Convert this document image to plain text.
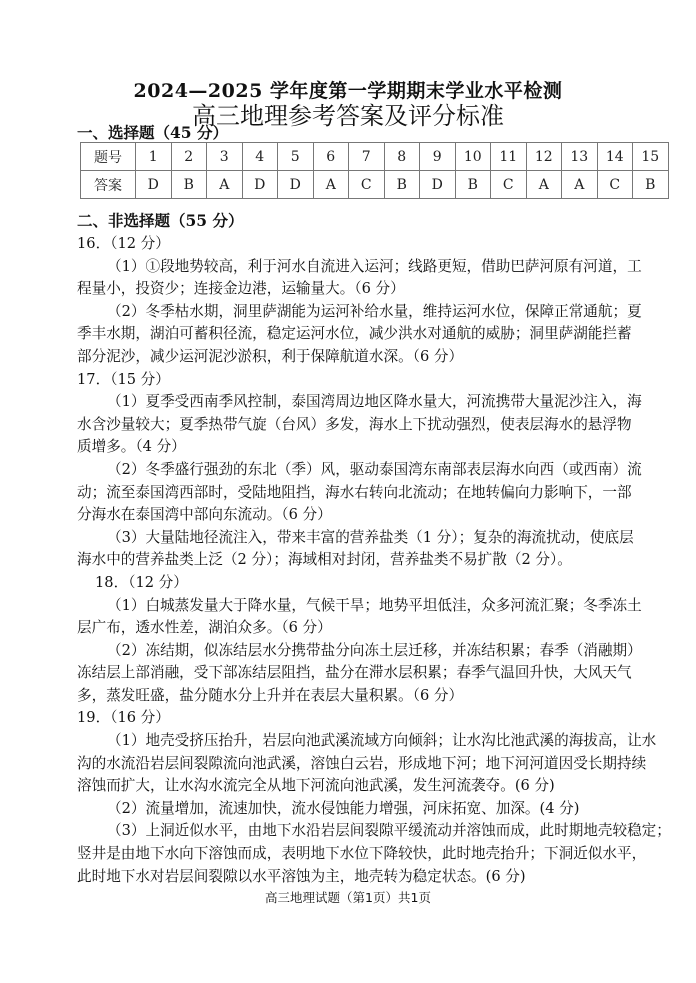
2024—2025 学年度第一学期期末学业水平检测
高三地理参考答案及评分标准
一、选择题（45 分）
题号	1	2	3	4	5	6	7	8	9	10	11	12	13	14	15
答案	D	B	A	D	D	A	C	B	D	B	C	A	A	C	B
二、非选择题（55 分）
16．（12 分）
（1）①段地势较高，利于河水自流进入运河；线路更短，借助巴萨河原有河道，工
程量小，投资少；连接金边港，运输量大。（6 分）
（2）冬季枯水期，洞里萨湖能为运河补给水量，维持运河水位，保障正常通航；夏
季丰水期，湖泊可蓄积径流，稳定运河水位，减少洪水对通航的威胁；洞里萨湖能拦蓄
部分泥沙，减少运河泥沙淤积，利于保障航道水深。（6 分）
17．（15 分）
（1）夏季受西南季风控制，泰国湾周边地区降水量大，河流携带大量泥沙注入，海
水含沙量较大；夏季热带气旋（台风）多发，海水上下扰动强烈，使表层海水的悬浮物
质增多。（4 分）
（2）冬季盛行强劲的东北（季）风，驱动泰国湾东南部表层海水向西（或西南）流
动；流至泰国湾西部时，受陆地阻挡，海水右转向北流动；在地转偏向力影响下，一部
分海水在泰国湾中部向东流动。（6 分）
（3）大量陆地径流注入，带来丰富的营养盐类（1 分）；复杂的海流扰动，使底层
海水中的营养盐类上泛（2 分）；海域相对封闭，营养盐类不易扩散（2 分）。
18．（12 分）
（1）白城蒸发量大于降水量，气候干旱；地势平坦低洼，众多河流汇聚；冬季冻土
层广布，透水性差，湖泊众多。（6 分）
（2）冻结期，似冻结层水分携带盐分向冻土层迁移，并冻结积累；春季（消融期）
冻结层上部消融，受下部冻结层阻挡，盐分在滞水层积累；春季气温回升快，大风天气
多，蒸发旺盛，盐分随水分上升并在表层大量积累。（6 分）
19．（16 分）
（1）地壳受挤压抬升，岩层向池武溪流域方向倾斜；让水沟比池武溪的海拔高，让水
沟的水流沿岩层间裂隙流向池武溪，溶蚀白云岩，形成地下河；地下河河道因受长期持续
溶蚀而扩大，让水沟水流完全从地下河流向池武溪，发生河流袭夺。(6 分)
（2）流量增加，流速加快，流水侵蚀能力增强，河床拓宽、加深。(4 分)
（3）上洞近似水平，由地下水沿岩层间裂隙平缓流动并溶蚀而成，此时期地壳较稳定；
竖井是由地下水向下溶蚀而成，表明地下水位下降较快，此时地壳抬升；下洞近似水平，
此时地下水对岩层间裂隙以水平溶蚀为主，地壳转为稳定状态。(6 分)
高三地理试题（第1页）共1页
